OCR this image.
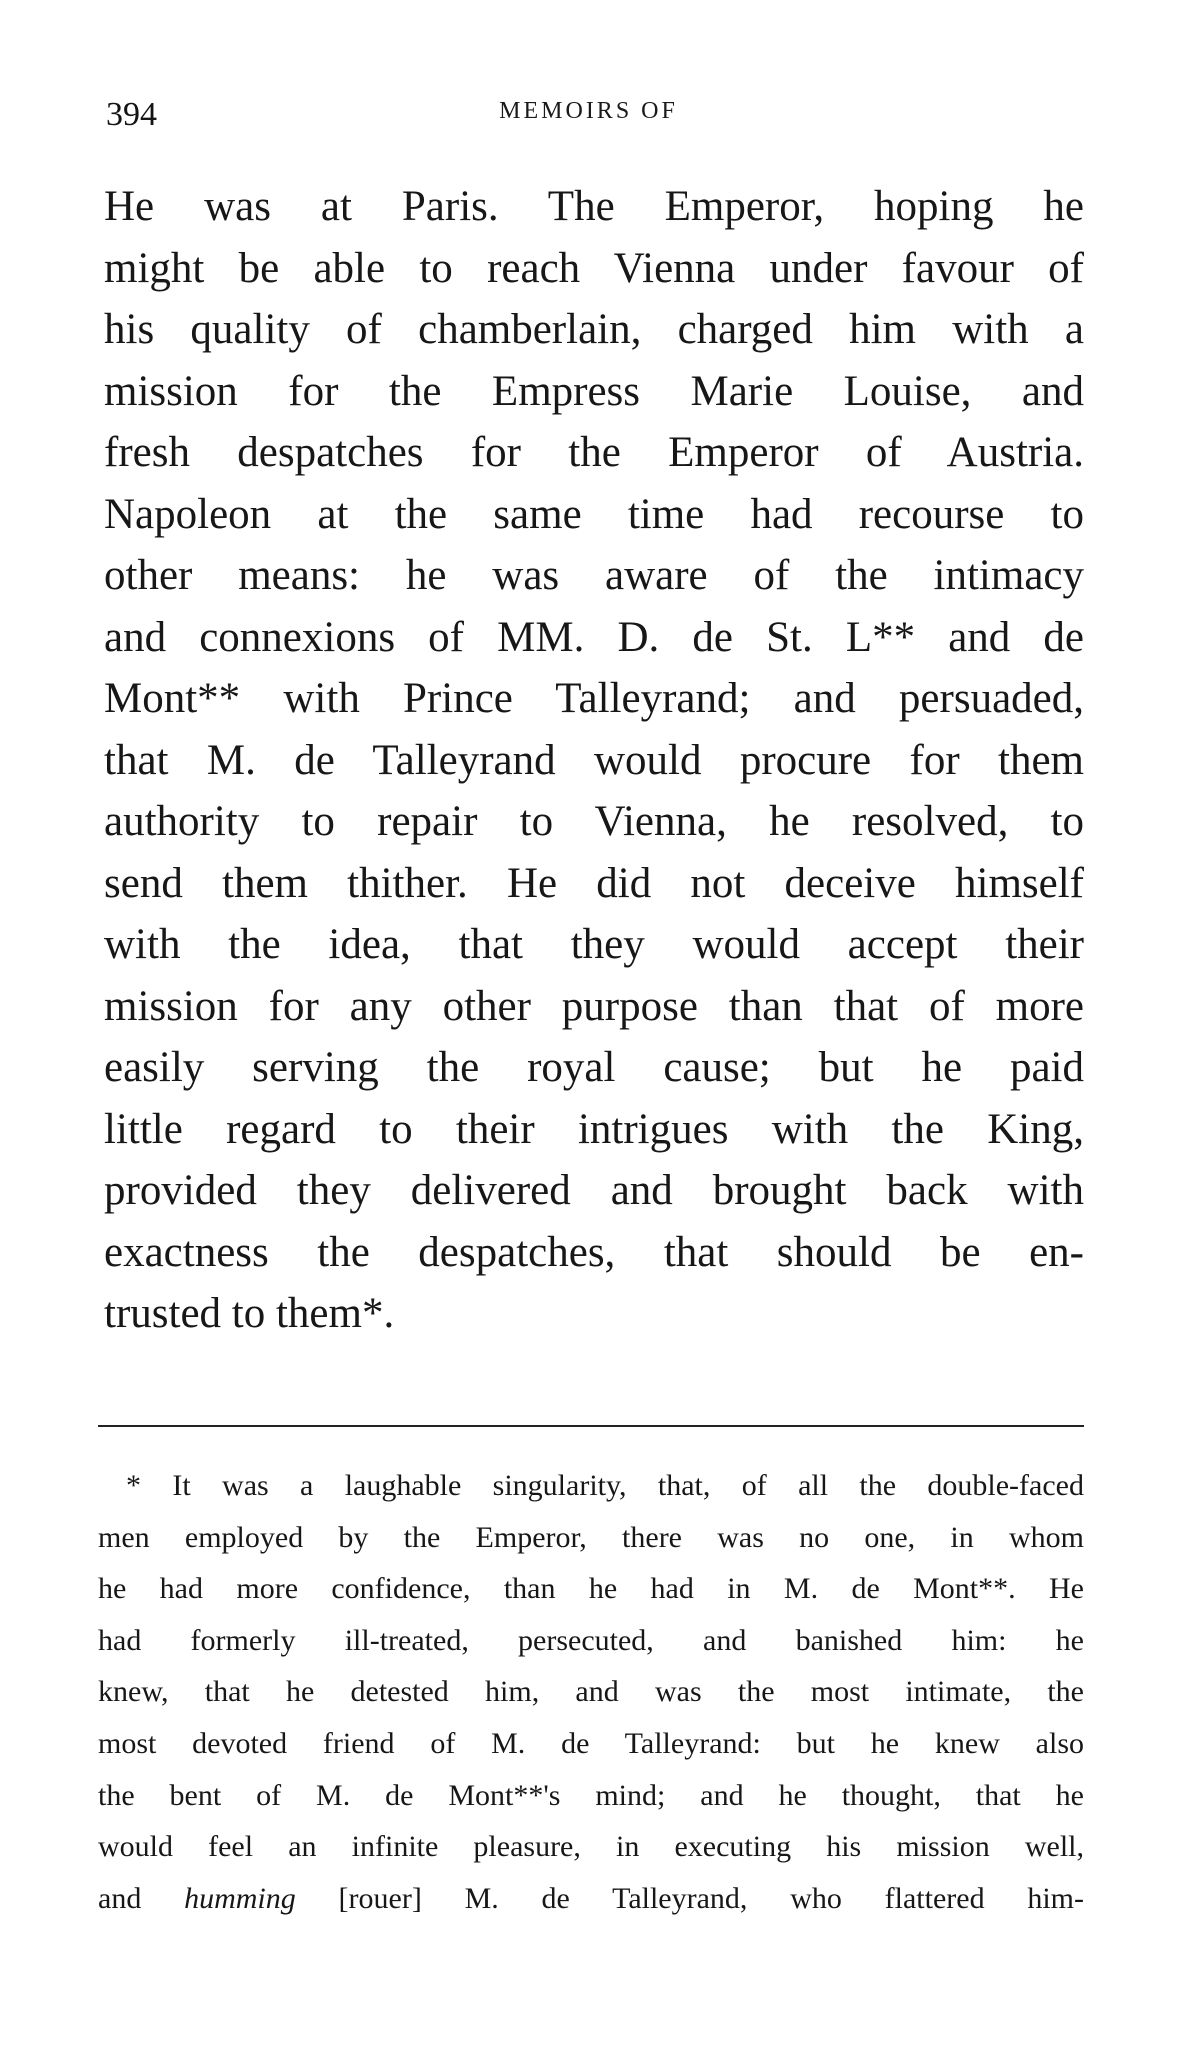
394	MEMOIRS OF
He was at Paris. The Emperor, hoping he
might be able to reach Vienna under favour of
his quality of chamberlain, charged him with a
mission for the Empress Marie Louise, and
fresh despatches for the Emperor of Austria.
Napoleon at the same time had recourse to
other means: he was aware of the intimacy
and connexions of MM. D. de St. L** and de
Mont** with Prince Talleyrand; and persuaded,
that M. de Talleyrand would procure for them
authority to repair to Vienna, he resolved, to
send them thither. He did not deceive himself
with the idea, that they would accept their
mission for any other purpose than that of more
easily serving the royal cause; but he paid
little regard to their intrigues with the King,
provided they delivered and brought back with
exactness the despatches, that should be en-
trusted to them*.
* It was a laughable singularity, that, of all the double-faced
men employed by the Emperor, there was no one, in whom
he had more confidence, than he had in M. de Mont**. He
had formerly ill-treated, persecuted, and banished him: he
knew, that he detested him, and was the most intimate, the
most devoted friend of M. de Talleyrand: but he knew also
the bent of M. de Mont**'s mind; and he thought, that he
would feel an infinite pleasure, in executing his mission well,
and humming [rouer] M. de Talleyrand, who flattered him-
